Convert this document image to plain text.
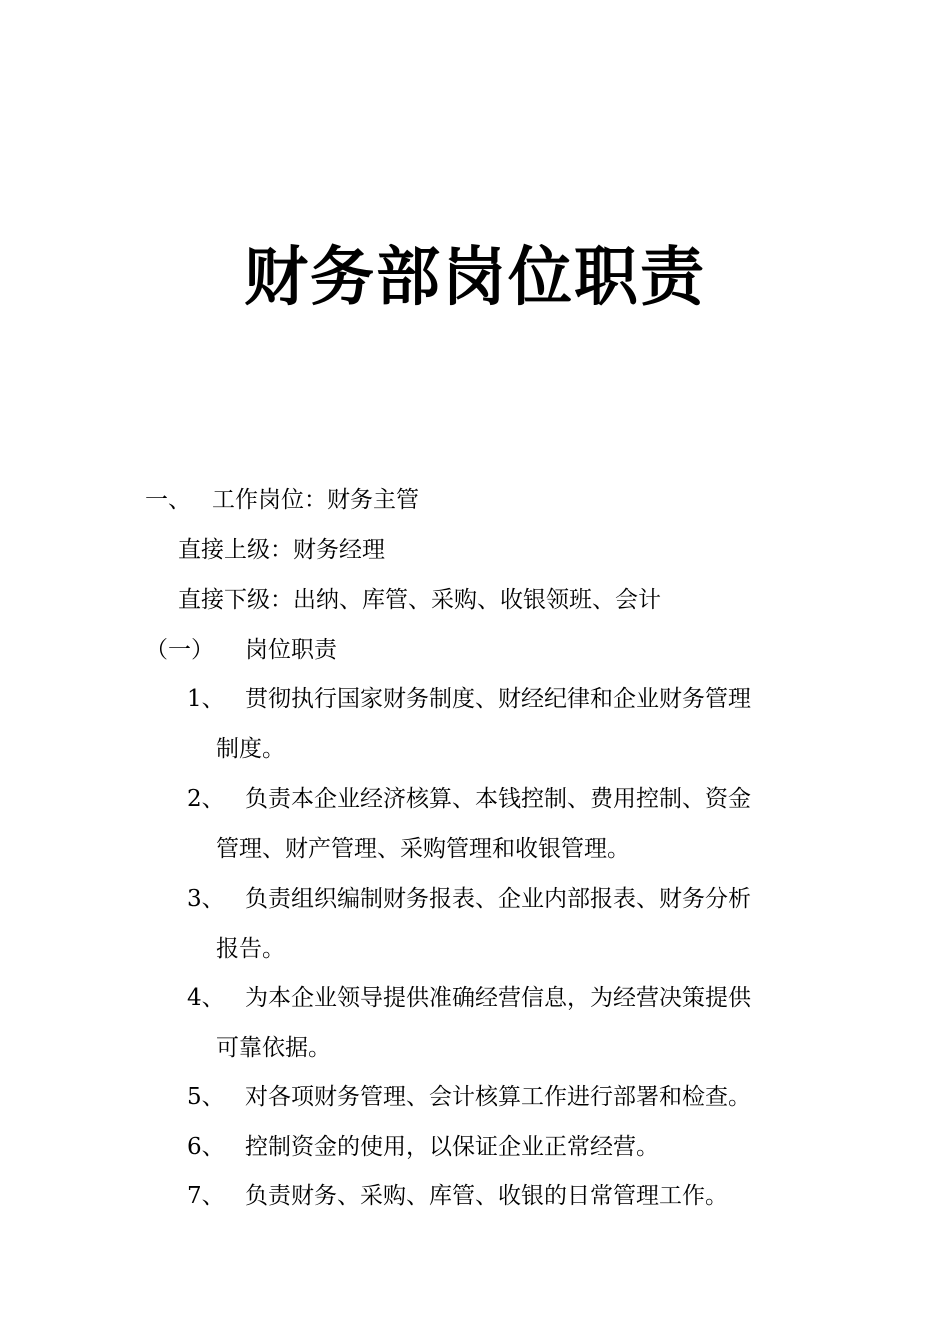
财务部岗位职责
一、 工作岗位：财务主管
直接上级：财务经理
直接下级：出纳、库管、采购、收银领班、会计
（一） 岗位职责
1、 贯彻执行国家财务制度、财经纪律和企业财务管理
制度。
2、 负责本企业经济核算、本钱控制、费用控制、资金
管理、财产管理、采购管理和收银管理。
3、 负责组织编制财务报表、企业内部报表、财务分析
报告。
4、 为本企业领导提供准确经营信息，为经营决策提供
可靠依据。
5、 对各项财务管理、会计核算工作进行部署和检查。
6、 控制资金的使用，以保证企业正常经营。
7、 负责财务、采购、库管、收银的日常管理工作。
